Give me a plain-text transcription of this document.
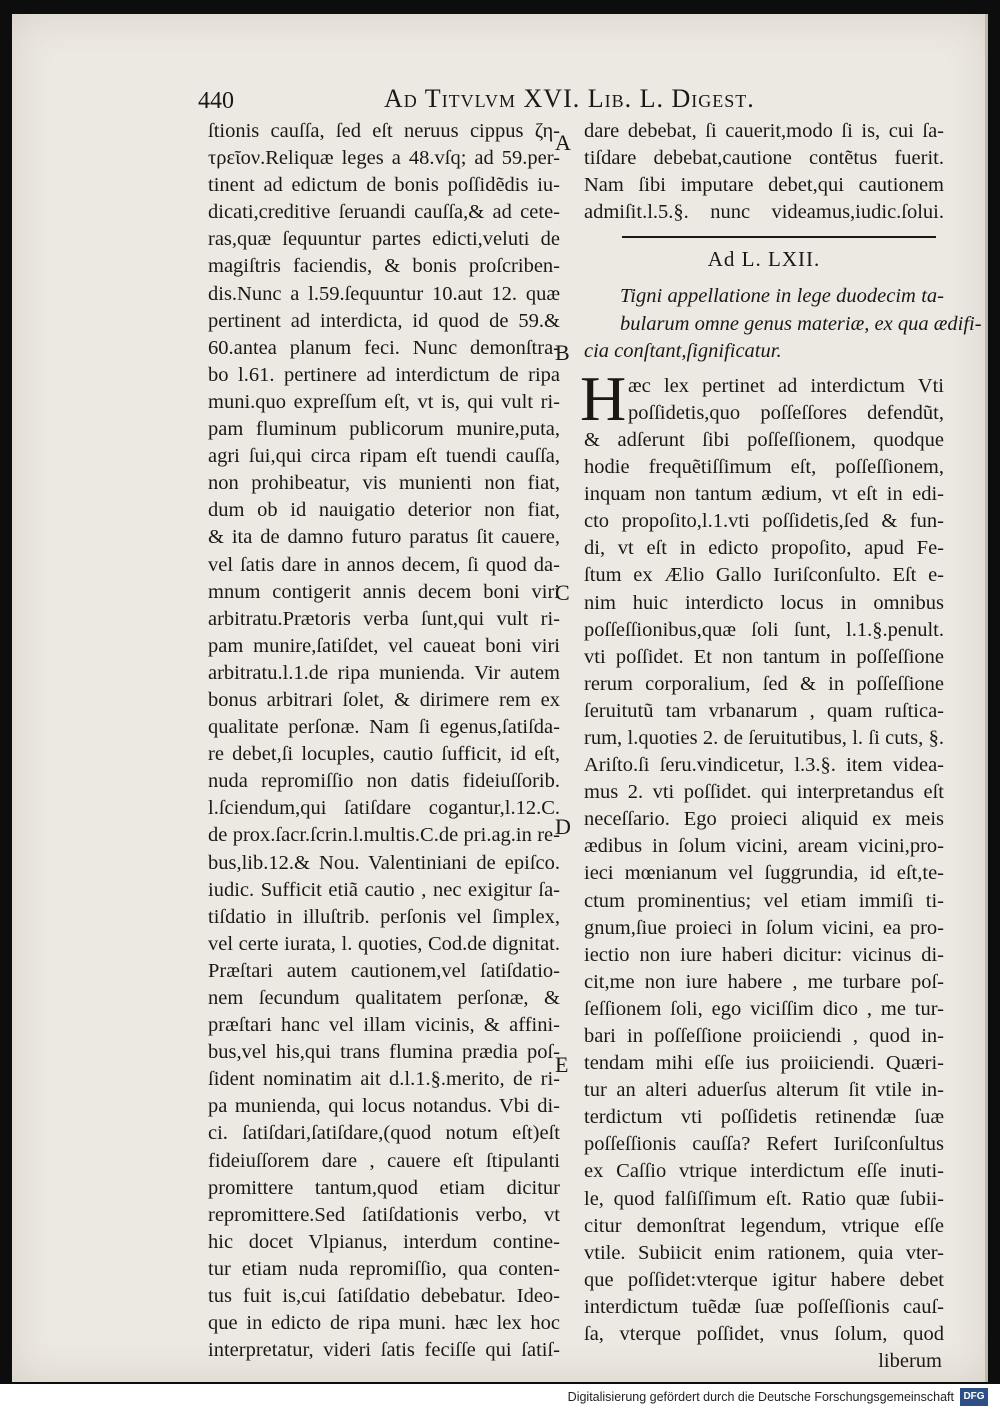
440	Ad Titvlvm XVI. Lib. L. Digest.
A
B
C
D
E
ſtionis cauſſa, ſed eſt neruus cippus ζη-
τρεῖον.Reliquæ leges a 48.vſq; ad 59.per-
tinent ad edictum de bonis poſſidẽdis iu-
dicati,creditive ſeruandi cauſſa,& ad cete-
ras,quæ ſequuntur partes edicti,veluti de
magiſtris faciendis, & bonis proſcriben-
dis.Nunc a l.59.ſequuntur 10.aut 12. quæ
pertinent ad interdicta, id quod de 59.&
60.antea planum feci. Nunc demonſtra-
bo l.61. pertinere ad interdictum de ripa
muni.quo expreſſum eſt, vt is, qui vult ri-
pam fluminum publicorum munire,puta,
agri ſui,qui circa ripam eſt tuendi cauſſa,
non prohibeatur, vis munienti non fiat,
dum ob id nauigatio deterior non fiat,
& ita de damno futuro paratus ſit cauere,
vel ſatis dare in annos decem, ſi quod da-
mnum contigerit annis decem boni viri
arbitratu.Prætoris verba ſunt,qui vult ri-
pam munire,ſatiſdet, vel caueat boni viri
arbitratu.l.1.de ripa munienda. Vir autem
bonus arbitrari ſolet, & dirimere rem ex
qualitate perſonæ. Nam ſi egenus,ſatiſda-
re debet,ſi locuples, cautio ſufficit, id eſt,
nuda repromiſſio non datis fideiuſſorib.
l.ſciendum,qui ſatiſdare cogantur,l.12.C.
de prox.ſacr.ſcrin.l.multis.C.de pri.ag.in re-
bus,lib.12.& Nou. Valentiniani de epiſco.
iudic. Sufficit etiã cautio , nec exigitur ſa-
tiſdatio in illuſtrib. perſonis vel ſimplex,
vel certe iurata, l. quoties, Cod.de dignitat.
Præſtari autem cautionem,vel ſatiſdatio-
nem ſecundum qualitatem perſonæ, &
præſtari hanc vel illam vicinis, & affini-
bus,vel his,qui trans flumina prædia poſ-
ſident nominatim ait d.l.1.§.merito, de ri-
pa munienda, qui locus notandus. Vbi di-
ci. ſatiſdari,ſatiſdare,(quod notum eſt)eſt
fideiuſſorem dare , cauere eſt ſtipulanti
promittere tantum,quod etiam dicitur
repromittere.Sed ſatiſdationis verbo, vt
hic docet Vlpianus, interdum contine-
tur etiam nuda repromiſſio, qua conten-
tus fuit is,cui ſatiſdatio debebatur. Ideo-
que in edicto de ripa muni. hæc lex hoc
interpretatur, videri ſatis feciſſe qui ſatiſ-
dare debebat, ſi cauerit,modo ſi is, cui ſa-
tiſdare debebat,cautione contẽtus fuerit.
Nam ſibi imputare debet,qui cautionem
admiſit.l.5.§. nunc videamus,iudic.ſolui.
Ad L. LXII.
Tigni appellatione in lege duodecim ta-
bularum omne genus materiæ, ex qua ædifi-
cia conſtant,ſignificatur.
H æc lex pertinet ad interdictum Vti
poſſidetis,quo poſſeſſores defendũt,
& adſerunt ſibi poſſeſſionem, quodque
hodie frequẽtiſſimum eſt, poſſeſſionem,
inquam non tantum ædium, vt eſt in edi-
cto propoſito,l.1.vti poſſidetis,ſed & fun-
di, vt eſt in edicto propoſito, apud Fe-
ſtum ex Ælio Gallo Iuriſconſulto. Eſt e-
nim huic interdicto locus in omnibus
poſſeſſionibus,quæ ſoli ſunt, l.1.§.penult.
vti poſſidet. Et non tantum in poſſeſſione
rerum corporalium, ſed & in poſſeſſione
ſeruitutũ tam vrbanarum , quam ruſtica-
rum, l.quoties 2. de ſeruitutibus, l. ſi cuts, §.
Ariſto.ſi ſeru.vindicetur, l.3.§. item videa-
mus 2. vti poſſidet. qui interpretandus eſt
neceſſario. Ego proieci aliquid ex meis
ædibus in ſolum vicini, aream vicini,pro-
ieci mœnianum vel ſuggrundia, id eſt,te-
ctum prominentius; vel etiam immiſi ti-
gnum,ſiue proieci in ſolum vicini, ea pro-
iectio non iure haberi dicitur: vicinus di-
cit,me non iure habere , me turbare poſ-
ſeſſionem ſoli, ego viciſſim dico , me tur-
bari in poſſeſſione proiiciendi , quod in-
tendam mihi eſſe ius proiiciendi. Quæri-
tur an alteri aduerſus alterum ſit vtile in-
terdictum vti poſſidetis retinendæ ſuæ
poſſeſſionis cauſſa? Refert Iuriſconſultus
ex Caſſio vtrique interdictum eſſe inuti-
le, quod falſiſſimum eſt. Ratio quæ ſubii-
citur demonſtrat legendum, vtrique eſſe
vtile. Subiicit enim rationem, quia vter-
que poſſidet:vterque igitur habere debet
interdictum tuẽdæ ſuæ poſſeſſionis cauſ-
ſa, vterque poſſidet, vnus ſolum, quod
liberum
Digitalisierung gefördert durch die Deutsche Forschungsgemeinschaft DFG
